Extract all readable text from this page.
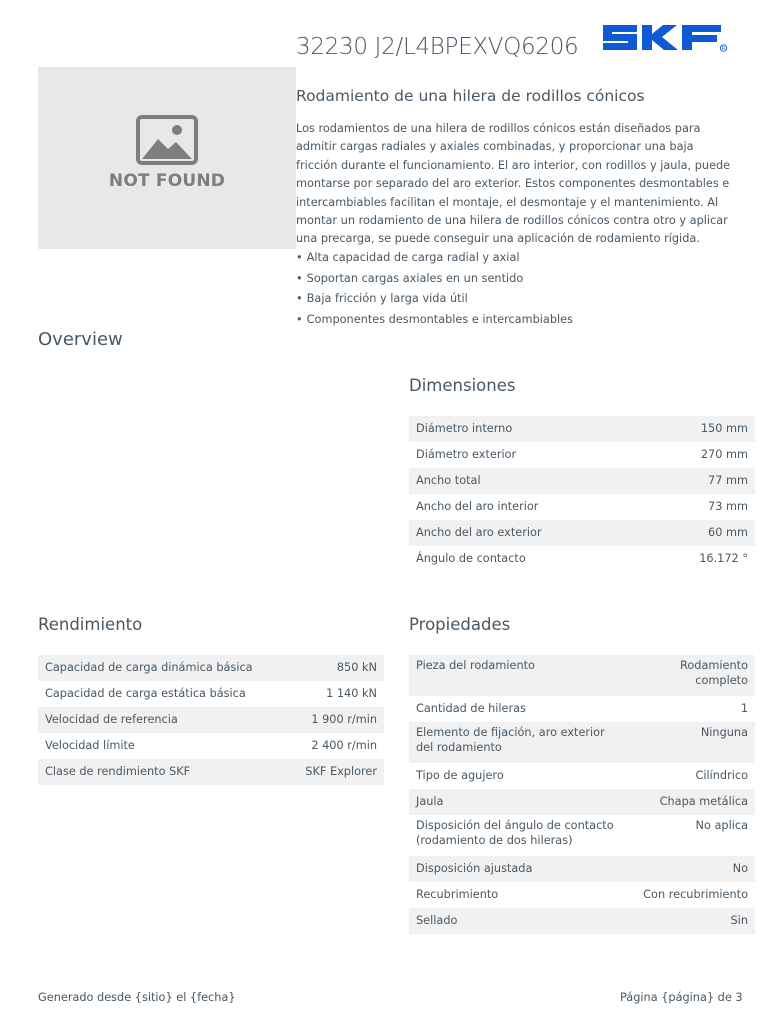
32230 J2/L4BPEXVQ6206	R
SKF
NOT FOUND
Rodamiento de una hilera de rodillos cónicos
Los rodamientos de una hilera de rodillos cónicos están diseñados para admitir cargas radiales y axiales combinadas, y proporcionar una baja fricción durante el funcionamiento. El aro interior, con rodillos y jaula, puede montarse por separado del aro exterior. Estos componentes desmontables e intercambiables facilitan el montaje, el desmontaje y el mantenimiento. Al montar un rodamiento de una hilera de rodillos cónicos contra otro y aplicar una precarga, se puede conseguir una aplicación de rodamiento rígida.
• Alta capacidad de carga radial y axial
• Soportan cargas axiales en un sentido
• Baja fricción y larga vida útil
• Componentes desmontables e intercambiables
Overview
Dimensiones
Diámetro interno	150 mm
Diámetro exterior	270 mm
Ancho total	77 mm
Ancho del aro interior	73 mm
Ancho del aro exterior	60 mm
Ángulo de contacto	16.172 °
Rendimiento
Capacidad de carga dinámica básica	850 kN
Capacidad de carga estática básica	1 140 kN
Velocidad de referencia	1 900 r/min
Velocidad límite	2 400 r/min
Clase de rendimiento SKF	SKF Explorer
Propiedades
Pieza del rodamiento	Rodamiento completo
Cantidad de hileras	1
Elemento de fijación, aro exterior del rodamiento	Ninguna
Tipo de agujero	Cilíndrico
Jaula	Chapa metálica
Disposición del ángulo de contacto (rodamiento de dos hileras)	No aplica
Disposición ajustada	No
Recubrimiento	Con recubrimiento
Sellado	Sin
Generado desde {sitio} el {fecha}	Página {página} de 3
